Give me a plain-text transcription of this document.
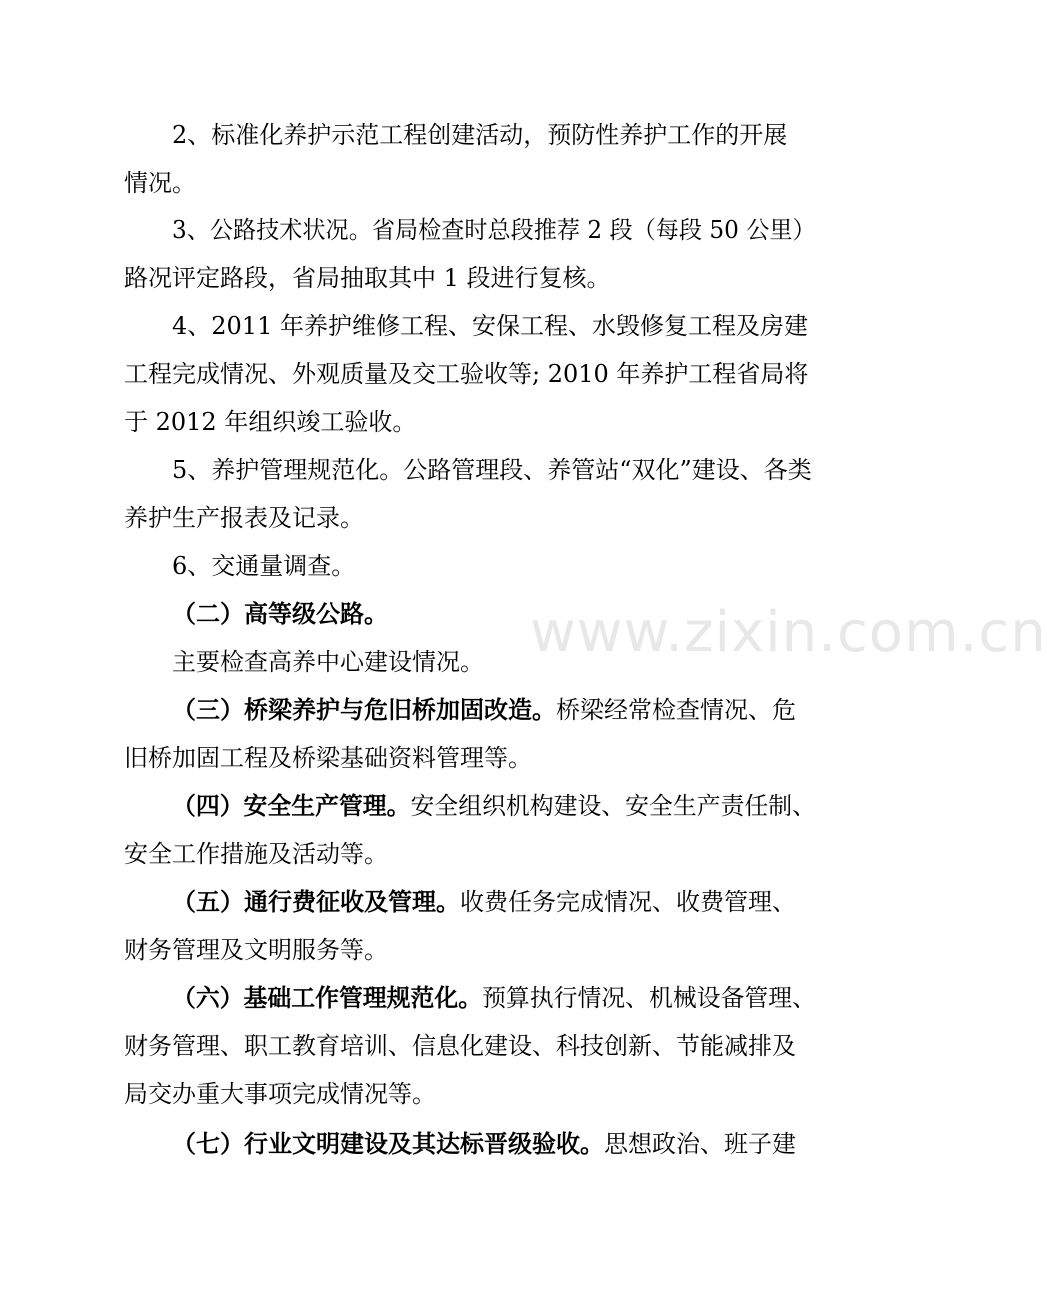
2、标准化养护示范工程创建活动，预防性养护工作的开展
情况。
3、公路技术状况。省局检查时总段推荐 2 段（每段 50 公里）
路况评定路段，省局抽取其中 1 段进行复核。
4、2011 年养护维修工程、安保工程、水毁修复工程及房建
工程完成情况、外观质量及交工验收等; 2010 年养护工程省局将
于 2012 年组织竣工验收。
5、养护管理规范化。公路管理段、养管站“双化”建设、各类
养护生产报表及记录。
6、交通量调查。
（二）高等级公路。
主要检查高养中心建设情况。
（三）桥梁养护与危旧桥加固改造。桥梁经常检查情况、危
旧桥加固工程及桥梁基础资料管理等。
（四）安全生产管理。安全组织机构建设、安全生产责任制、
安全工作措施及活动等。
（五）通行费征收及管理。收费任务完成情况、收费管理、
财务管理及文明服务等。
（六）基础工作管理规范化。预算执行情况、机械设备管理、
财务管理、职工教育培训、信息化建设、科技创新、节能减排及
局交办重大事项完成情况等。
（七）行业文明建设及其达标晋级验收。思想政治、班子建
www.zixin.com.cn
